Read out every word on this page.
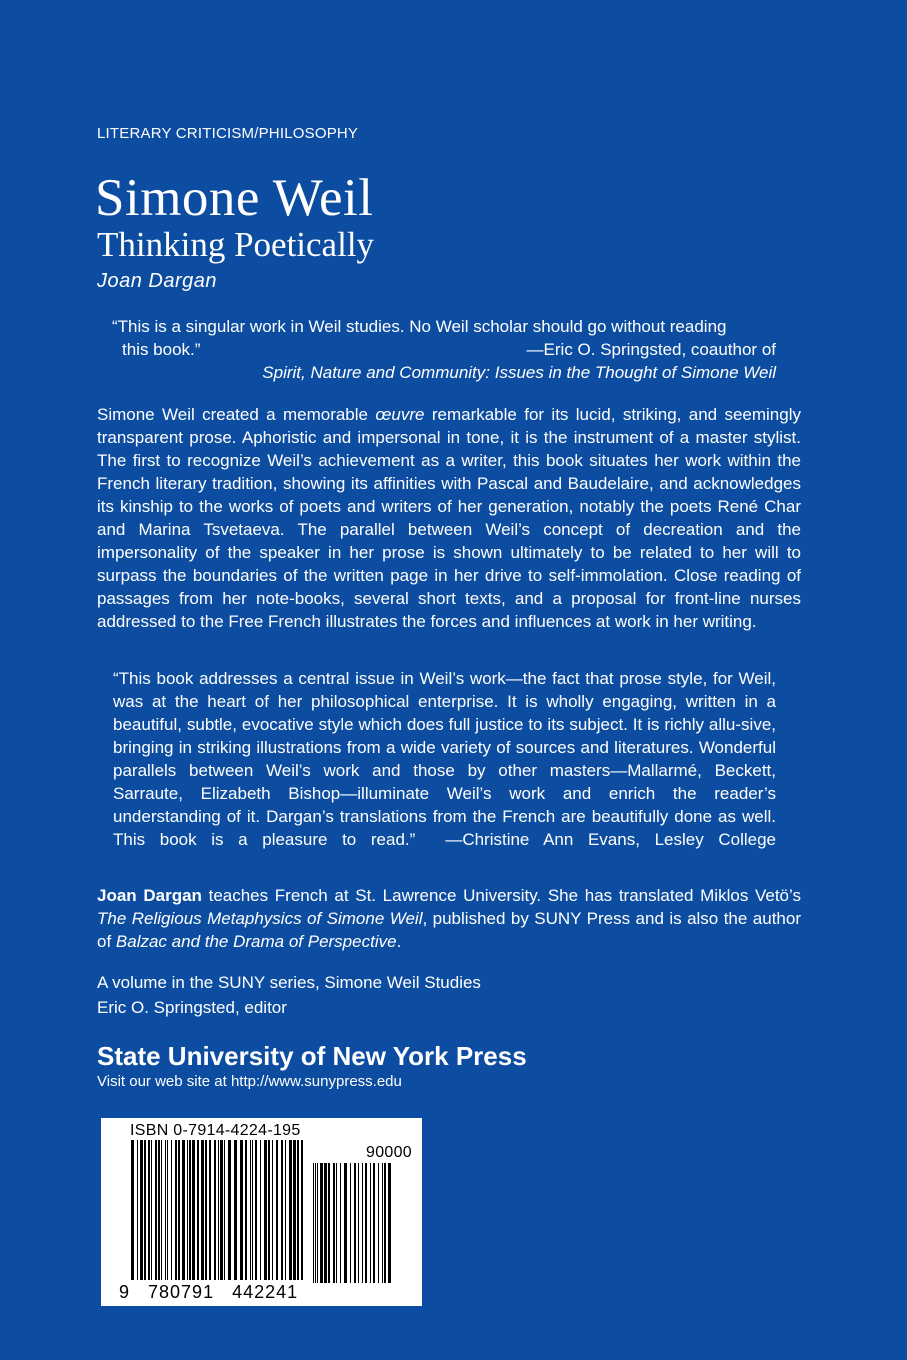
LITERARY CRITICISM/PHILOSOPHY
Simone Weil
Thinking Poetically
Joan Dargan
“This is a singular work in Weil studies. No Weil scholar should go without reading
this book.”	—Eric O. Springsted, coauthor of
Spirit, Nature and Community: Issues in the Thought of Simone Weil
Simone Weil created a memorable œuvre remarkable for its lucid, striking, and seemingly transparent prose. Aphoristic and impersonal in tone, it is the instrument of a master stylist. The first to recognize Weil’s achievement as a writer, this book situates her work within the French literary tradition, showing its affinities with Pascal and Baudelaire, and acknowledges its kinship to the works of poets and writers of her generation, notably the poets René Char and Marina Tsvetaeva. The parallel between Weil’s concept of decreation and the impersonality of the speaker in her prose is shown ultimately to be related to her will to surpass the boundaries of the written page in her drive to self-immolation. Close reading of passages from her note-books, several short texts, and a proposal for front-line nurses addressed to the Free French illustrates the forces and influences at work in her writing.
“This book addresses a central issue in Weil’s work—the fact that prose style, for Weil, was at the heart of her philosophical enterprise. It is wholly engaging, written in a beautiful, subtle, evocative style which does full justice to its subject. It is richly allu-sive, bringing in striking illustrations from a wide variety of sources and literatures. Wonderful parallels between Weil’s work and those by other masters—Mallarmé, Beckett, Sarraute, Elizabeth Bishop—illuminate Weil’s work and enrich the reader’s understanding of it. Dargan’s translations from the French are beautifully done as well. This book is a pleasure to read.” —Christine Ann Evans, Lesley College
Joan Dargan teaches French at St. Lawrence University. She has translated Miklos Vetö’s The Religious Metaphysics of Simone Weil, published by SUNY Press and is also the author of Balzac and the Drama of Perspective.
A volume in the SUNY series, Simone Weil Studies
Eric O. Springsted, editor
State University of New York Press
Visit our web site at http://www.sunypress.edu
ISBN 0-7914-4224-195
90000
9   780791   442241
